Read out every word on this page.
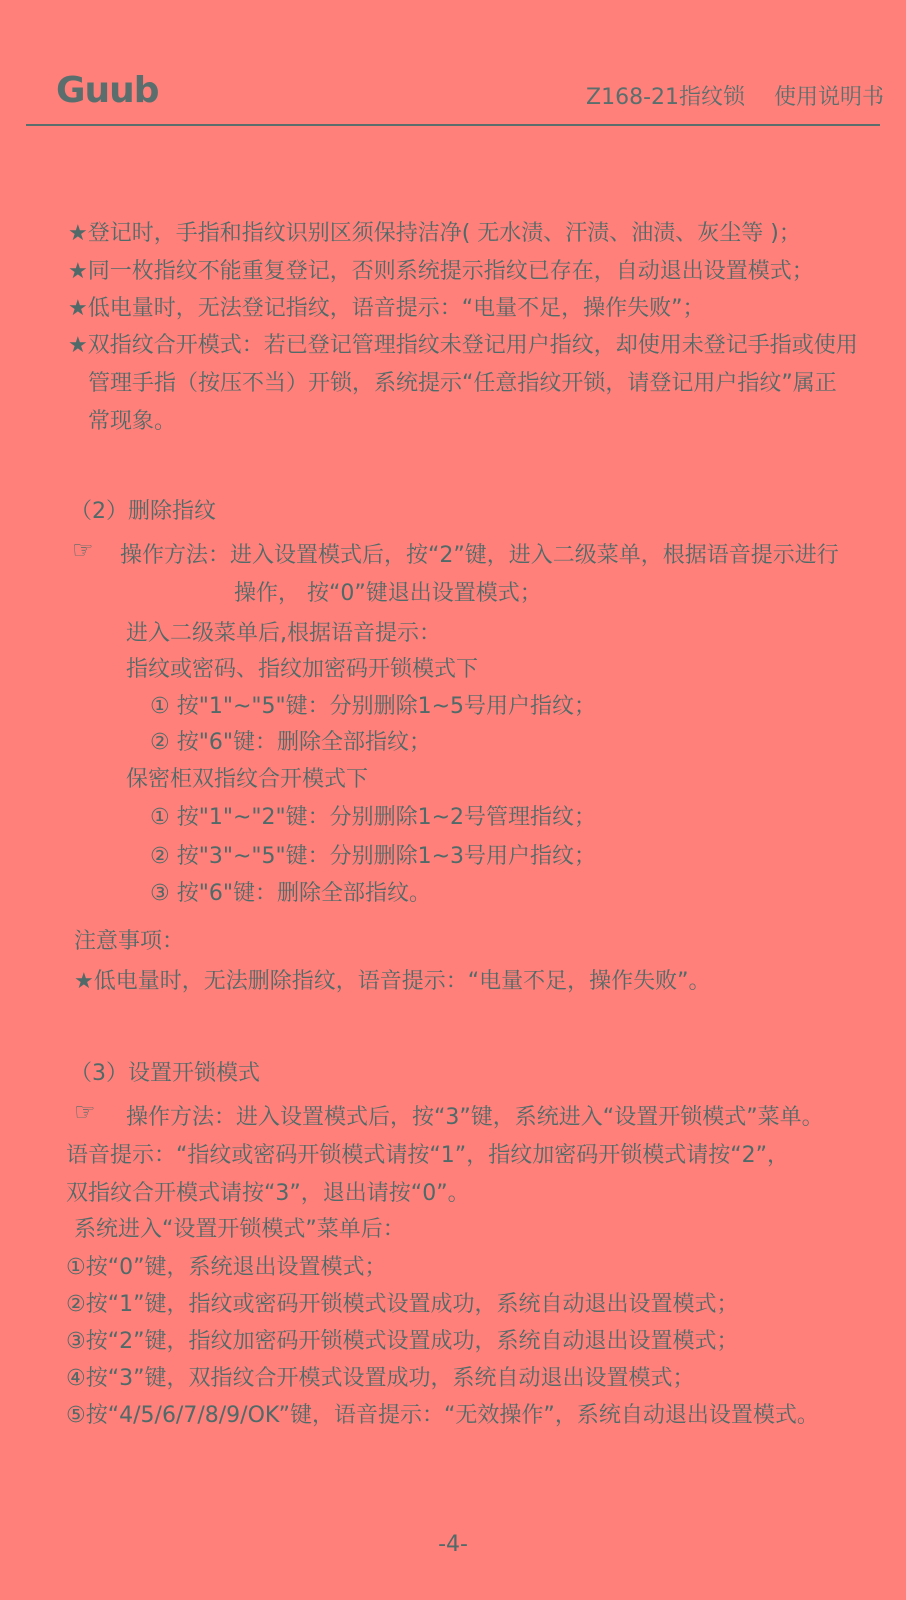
Guub	Z168-21指纹锁　 使用说明书
★登记时，手指和指纹识别区须保持洁净( 无水渍、汗渍、油渍、灰尘等 )；
★同一枚指纹不能重复登记，否则系统提示指纹已存在，自动退出设置模式；
★低电量时，无法登记指纹，语音提示：“电量不足，操作失败”；
★双指纹合开模式：若已登记管理指纹未登记用户指纹，却使用未登记手指或使用
管理手指（按压不当）开锁，系统提示“任意指纹开锁，请登记用户指纹”属正
常现象。
（2）删除指纹
☞ 操作方法：进入设置模式后，按“2”键，进入二级菜单，根据语音提示进行
操作， 按“0”键退出设置模式；
进入二级菜单后,根据语音提示：
指纹或密码、指纹加密码开锁模式下
① 按"1"~"5"键：分别删除1~5号用户指纹；
② 按"6"键：删除全部指纹；
保密柜双指纹合开模式下
① 按"1"~"2"键：分别删除1~2号管理指纹；
② 按"3"~"5"键：分别删除1~3号用户指纹；
③ 按"6"键：删除全部指纹。
注意事项：
★低电量时，无法删除指纹，语音提示：“电量不足，操作失败”。
（3）设置开锁模式
☞ 操作方法：进入设置模式后，按“3”键，系统进入“设置开锁模式”菜单。
语音提示：“指纹或密码开锁模式请按“1”，指纹加密码开锁模式请按“2”，
双指纹合开模式请按“3”，退出请按“0”。
系统进入“设置开锁模式”菜单后：
①按“0”键，系统退出设置模式；
②按“1”键，指纹或密码开锁模式设置成功，系统自动退出设置模式；
③按“2”键，指纹加密码开锁模式设置成功，系统自动退出设置模式；
④按“3”键，双指纹合开模式设置成功，系统自动退出设置模式；
⑤按“4/5/6/7/8/9/OK”键，语音提示：“无效操作”，系统自动退出设置模式。
-4-
